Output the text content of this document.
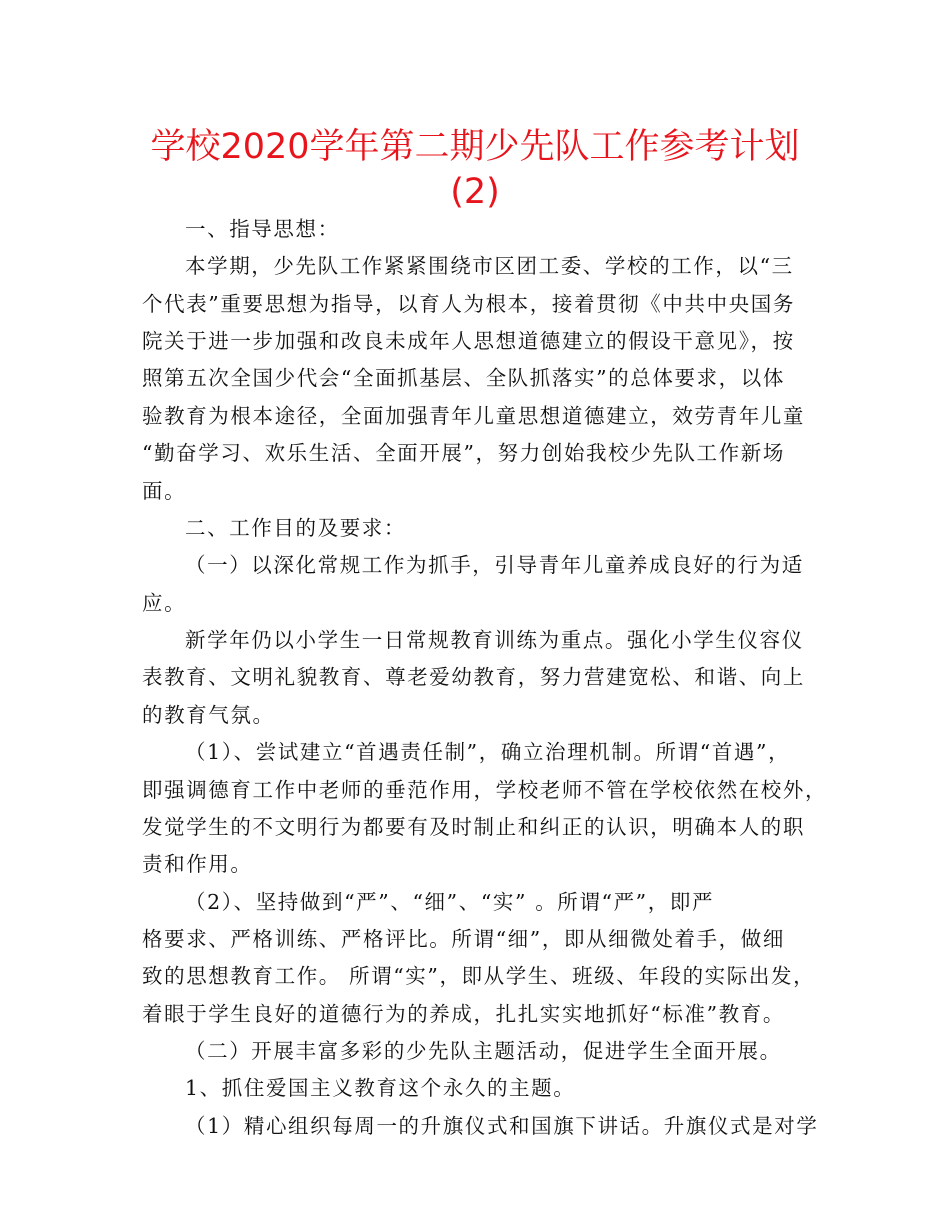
学校2020学年第二期少先队工作参考计划
(2)
一、指导思想：
本学期，少先队工作紧紧围绕市区团工委、学校的工作，以“三
个代表”重要思想为指导，以育人为根本，接着贯彻《中共中央国务
院关于进一步加强和改良未成年人思想道德建立的假设干意见》，按
照第五次全国少代会“全面抓基层、全队抓落实”的总体要求，以体
验教育为根本途径，全面加强青年儿童思想道德建立，效劳青年儿童
“勤奋学习、欢乐生活、全面开展”，努力创始我校少先队工作新场
面。
二、工作目的及要求：
（一）以深化常规工作为抓手，引导青年儿童养成良好的行为适
应。
新学年仍以小学生一日常规教育训练为重点。强化小学生仪容仪
表教育、文明礼貌教育、尊老爱幼教育，努力营建宽松、和谐、向上
的教育气氛。
（1）、尝试建立“首遇责任制”，确立治理机制。所谓“首遇”，
即强调德育工作中老师的垂范作用，学校老师不管在学校依然在校外，
发觉学生的不文明行为都要有及时制止和纠正的认识，明确本人的职
责和作用。
（2）、坚持做到“严”、“细”、“实” 。所谓“严”，即严
格要求、严格训练、严格评比。所谓“细”，即从细微处着手，做细
致的思想教育工作。 所谓“实”，即从学生、班级、年段的实际出发，
着眼于学生良好的道德行为的养成，扎扎实实地抓好“标准”教育。
（二）开展丰富多彩的少先队主题活动，促进学生全面开展。
1、抓住爱国主义教育这个永久的主题。
（1）精心组织每周一的升旗仪式和国旗下讲话。升旗仪式是对学
